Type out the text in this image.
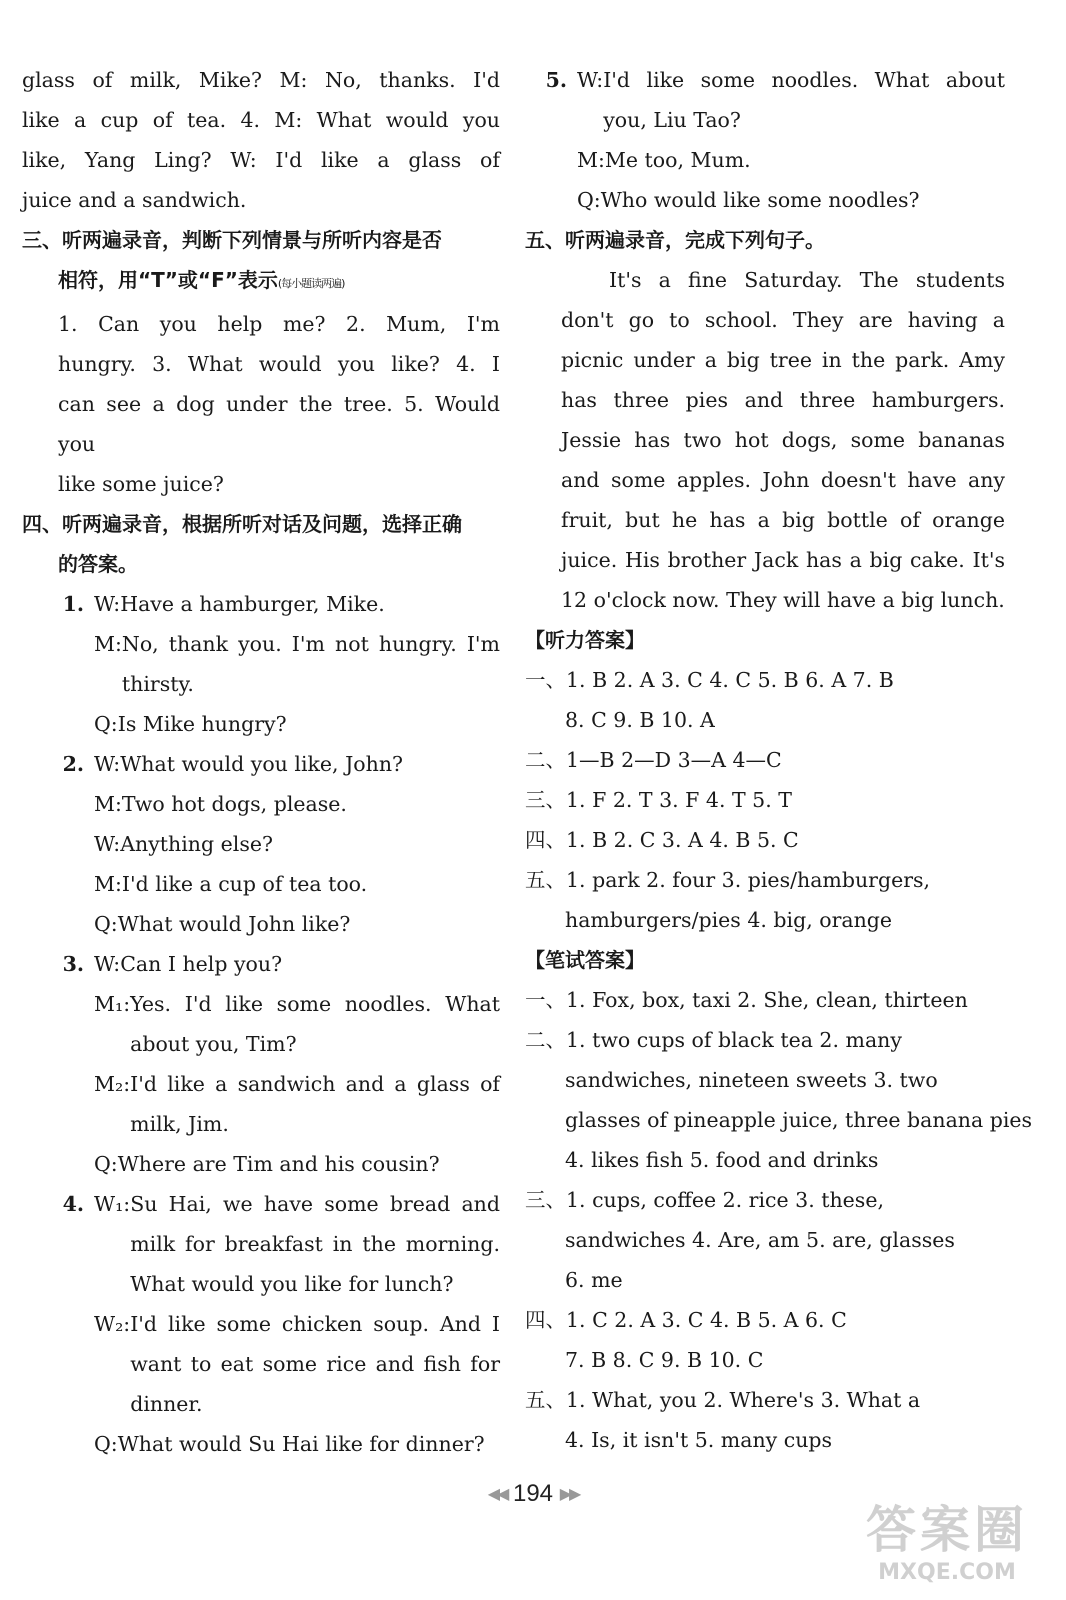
glass of milk, Mike? M: No, thanks. I'd

like a cup of tea. 4. M: What would you

like, Yang Ling? W: I'd like a glass of

juice and a sandwich.

三、听两遍录音，判断下列情景与所听内容是否

相符，用“T”或“F”表示(每小题读两遍)

1. Can you help me? 2. Mum, I'm

hungry. 3. What would you like? 4. I

can see a dog under the tree. 5. Would you

like some juice?

四、听两遍录音，根据所听对话及问题，选择正确

的答案。

1. W: Have a hamburger, Mike.
M: No, thank you. I'm not hungry. I'm thirsty.
Q: Is Mike hungry?
2. W: What would you like, John?
M: Two hot dogs, please.
W: Anything else?
M: I'd like a cup of tea too.
Q: What would John like?
3. W: Can I help you?
M₁: Yes. I'd like some noodles. What about you, Tim?
M₂: I'd like a sandwich and a glass of milk, Jim.
Q: Where are Tim and his cousin?
4. W₁: Su Hai, we have some bread and milk for breakfast in the morning. What would you like for lunch?
W₂: I'd like some chicken soup. And I want to eat some rice and fish for dinner.
Q: What would Su Hai like for dinner?
5. W: I'd like some noodles. What about you, Liu Tao?
M: Me too, Mum.
Q: Who would like some noodles?

五、听两遍录音，完成下列句子。

It's a fine Saturday. The students don't go to school. They are having a picnic under a big tree in the park. Amy has three pies and three hamburgers. Jessie has two hot dogs, some bananas and some apples. John doesn't have any fruit, but he has a big bottle of orange juice. His brother Jack has a big cake. It's 12 o'clock now. They will have a big lunch.

【听力答案】

一、1. B 2. A 3. C 4. C 5. B 6. A 7. B

8. C 9. B 10. A

二、1—B 2—D 3—A 4—C

三、1. F 2. T 3. F 4. T 5. T

四、1. B 2. C 3. A 4. B 5. C

五、1. park 2. four 3. pies/hamburgers,

hamburgers/pies 4. big, orange

【笔试答案】

一、1. Fox, box, taxi 2. She, clean, thirteen

二、1. two cups of black tea 2. many

sandwiches, nineteen sweets 3. two

glasses of pineapple juice, three banana pies

4. likes fish 5. food and drinks

三、1. cups, coffee 2. rice 3. these,

sandwiches 4. Are, am 5. are, glasses

6. me

四、1. C 2. A 3. C 4. B 5. A 6. C

7. B 8. C 9. B 10. C

五、1. What, you 2. Where's 3. What a

4. Is, it isn't 5. many cups

◀◀ 194 ▶▶
答案圈
MXQE.COM
